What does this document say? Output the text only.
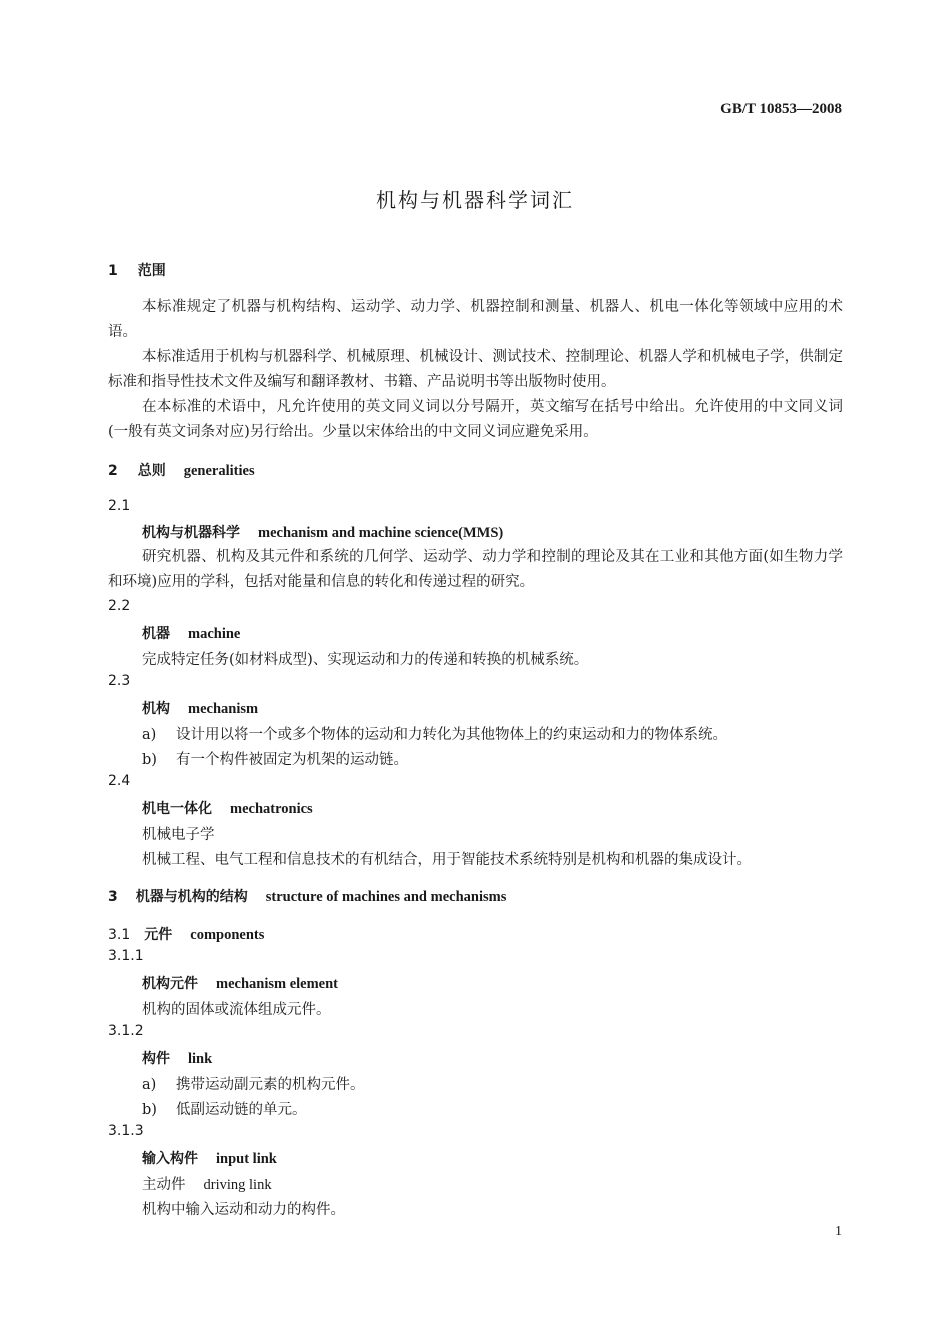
GB/T 10853—2008
机构与机器科学词汇
1 范围
本标准规定了机器与机构结构、运动学、动力学、机器控制和测量、机器人、机电一体化等领域中应用的术语。
本标准适用于机构与机器科学、机械原理、机械设计、测试技术、控制理论、机器人学和机械电子学，供制定标准和指导性技术文件及编写和翻译教材、书籍、产品说明书等出版物时使用。
在本标准的术语中，凡允许使用的英文同义词以分号隔开，英文缩写在括号中给出。允许使用的中文同义词(一般有英文词条对应)另行给出。少量以宋体给出的中文同义词应避免采用。
2 总则 generalities
2.1
机构与机器科学 mechanism and machine science(MMS)
研究机器、机构及其元件和系统的几何学、运动学、动力学和控制的理论及其在工业和其他方面(如生物力学和环境)应用的学科，包括对能量和信息的转化和传递过程的研究。
2.2
机器 machine
完成特定任务(如材料成型)、实现运动和力的传递和转换的机械系统。
2.3
机构 mechanism
a) 设计用以将一个或多个物体的运动和力转化为其他物体上的约束运动和力的物体系统。
b) 有一个构件被固定为机架的运动链。
2.4
机电一体化 mechatronics
机械电子学
机械工程、电气工程和信息技术的有机结合，用于智能技术系统特别是机构和机器的集成设计。
3 机器与机构的结构 structure of machines and mechanisms
3.1 元件 components
3.1.1
机构元件 mechanism element
机构的固体或流体组成元件。
3.1.2
构件 link
a) 携带运动副元素的机构元件。
b) 低副运动链的单元。
3.1.3
输入构件 input link
主动件 driving link
机构中输入运动和动力的构件。
1
